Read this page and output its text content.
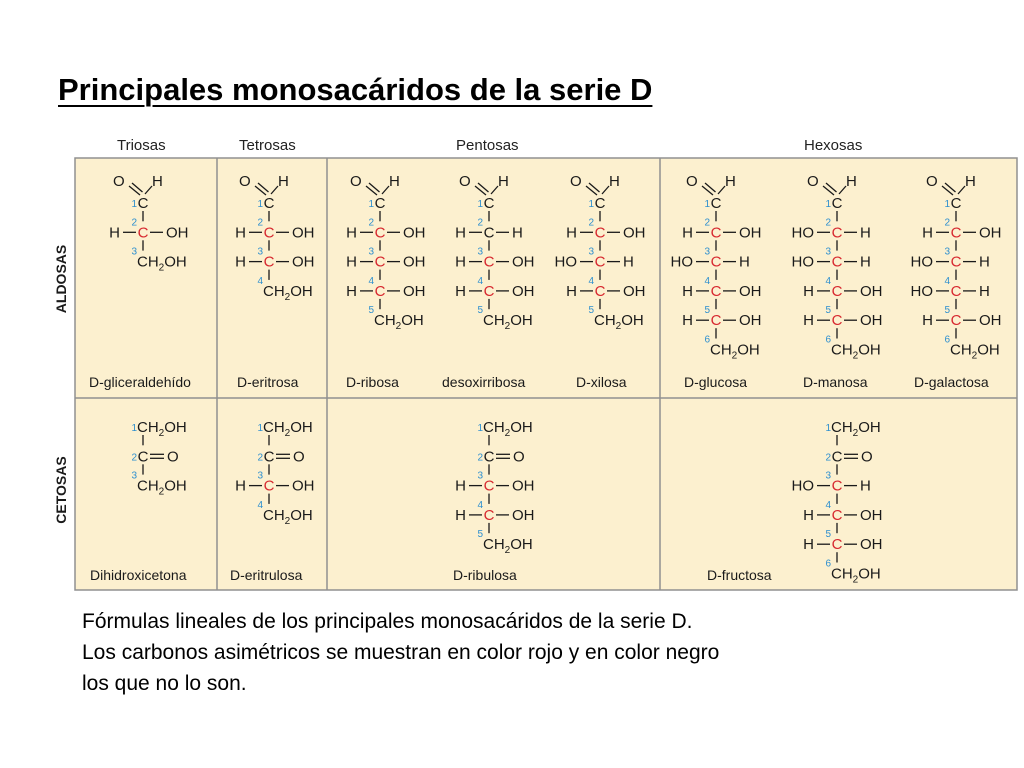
Principales monosacáridos de la serie D
Triosas	Tetrosas	Pentosas	Hexosas
ALDOSAS
CETOSAS
O H
1 C
2
C
H	OH
3
$CH_2OH$
O H
1 C
2
C
H	OH
3
C
H	OH
4
$CH_2OH$
O H
1 C
2
C
H	OH
3
C
H	OH
4
C
H	OH
5
$CH_2OH$
O H
1 C
2
C
H	H
3
C
H	OH
4
C
H	OH
5
$CH_2OH$
O H
1 C
2
C
H	OH
3
C
HO	H
4
C
H	OH
5
$CH_2OH$
O H
1 C
2
C
H	OH
3
C
HO	H
4
C
H	OH
5
C
H	OH
6
$CH_2OH$
O H
1 C
2
C
HO	H
3
C
HO	H
4
C
H	OH
5
C
H	OH
6
$CH_2OH$
O H
1 C
2
C
H	OH
3
C
HO	H
4
C
HO	H
5
C
H	OH
6
$CH_2OH$
1 $CH_2OH$
2 C O
3
$CH_2OH$
1 $CH_2OH$
2 C O
3
C
H	OH
4
$CH_2OH$
1 $CH_2OH$
2 C O
3
C
H	OH
4
C
H	OH
5
$CH_2OH$
1 $CH_2OH$
2 C O
3
C
HO	H
4
C
H	OH
5
C
H	OH
6
$CH_2OH$
D-gliceraldehído	D-eritrosa	D-ribosa	desoxirribosa	D-xilosa	D-glucosa	D-manosa	D-galactosa
Dihidroxicetona	D-eritrulosa	D-ribulosa	D-fructosa
Fórmulas lineales de los principales monosacáridos de la serie D.
Los carbonos asimétricos se muestran en color rojo y en color negro
los que no lo son.
